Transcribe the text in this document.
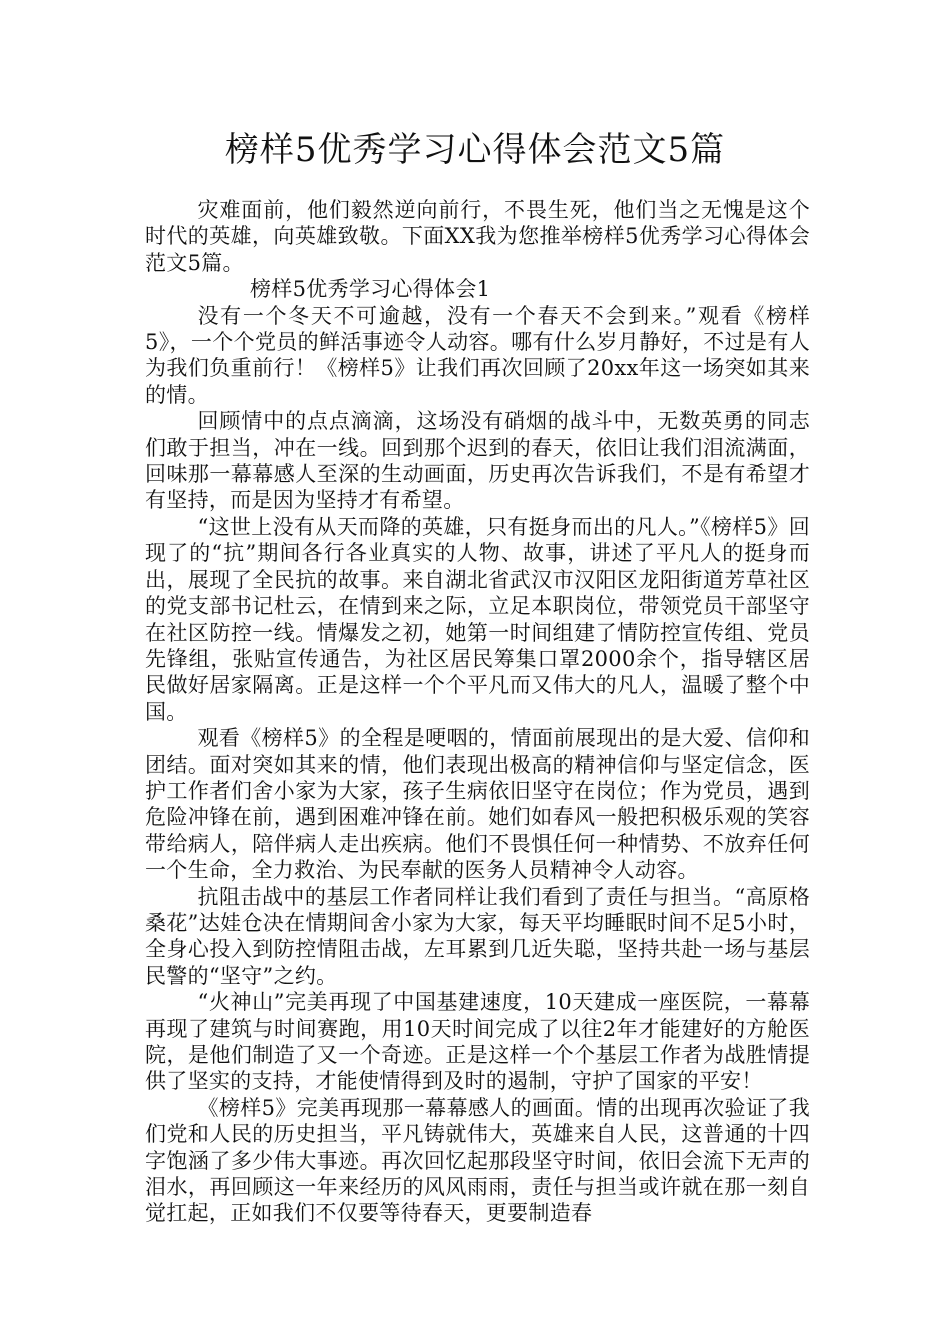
榜样5优秀学习心得体会范文5篇

灾难面前，他们毅然逆向前行，不畏生死，他们当之无愧是这个时代的英雄，向英雄致敬。下面XX我为您推举榜样5优秀学习心得体会范文5篇。

榜样5优秀学习心得体会1

没有一个冬天不可逾越，没有一个春天不会到来。”观看《榜样5》，一个个党员的鲜活事迹令人动容。哪有什么岁月静好，不过是有人为我们负重前行！《榜样5》让我们再次回顾了20xx年这一场突如其来的情。

回顾情中的点点滴滴，这场没有硝烟的战斗中，无数英勇的同志们敢于担当，冲在一线。回到那个迟到的春天，依旧让我们泪流满面，回味那一幕幕感人至深的生动画面，历史再次告诉我们，不是有希望才有坚持，而是因为坚持才有希望。

“这世上没有从天而降的英雄，只有挺身而出的凡人。”《榜样5》回现了的“抗”期间各行各业真实的人物、故事，讲述了平凡人的挺身而出，展现了全民抗的故事。来自湖北省武汉市汉阳区龙阳街道芳草社区的党支部书记杜云，在情到来之际，立足本职岗位，带领党员干部坚守在社区防控一线。情爆发之初，她第一时间组建了情防控宣传组、党员先锋组，张贴宣传通告，为社区居民筹集口罩2000余个，指导辖区居民做好居家隔离。正是这样一个个平凡而又伟大的凡人，温暖了整个中国。

观看《榜样5》的全程是哽咽的，情面前展现出的是大爱、信仰和团结。面对突如其来的情，他们表现出极高的精神信仰与坚定信念，医护工作者们舍小家为大家，孩子生病依旧坚守在岗位；作为党员，遇到危险冲锋在前，遇到困难冲锋在前。她们如春风一般把积极乐观的笑容带给病人，陪伴病人走出疾病。他们不畏惧任何一种情势、不放弃任何一个生命，全力救治、为民奉献的医务人员精神令人动容。

抗阻击战中的基层工作者同样让我们看到了责任与担当。“高原格桑花”达娃仓决在情期间舍小家为大家，每天平均睡眠时间不足5小时，全身心投入到防控情阻击战，左耳累到几近失聪，坚持共赴一场与基层民警的“坚守”之约。

“火神山”完美再现了中国基建速度，10天建成一座医院，一幕幕再现了建筑与时间赛跑，用10天时间完成了以往2年才能建好的方舱医院，是他们制造了又一个奇迹。正是这样一个个基层工作者为战胜情提供了坚实的支持，才能使情得到及时的遏制，守护了国家的平安！

《榜样5》完美再现那一幕幕感人的画面。情的出现再次验证了我们党和人民的历史担当，平凡铸就伟大，英雄来自人民，这普通的十四字饱涵了多少伟大事迹。再次回忆起那段坚守时间，依旧会流下无声的泪水，再回顾这一年来经历的风风雨雨，责任与担当或许就在那一刻自觉扛起，正如我们不仅要等待春天，更要制造春
